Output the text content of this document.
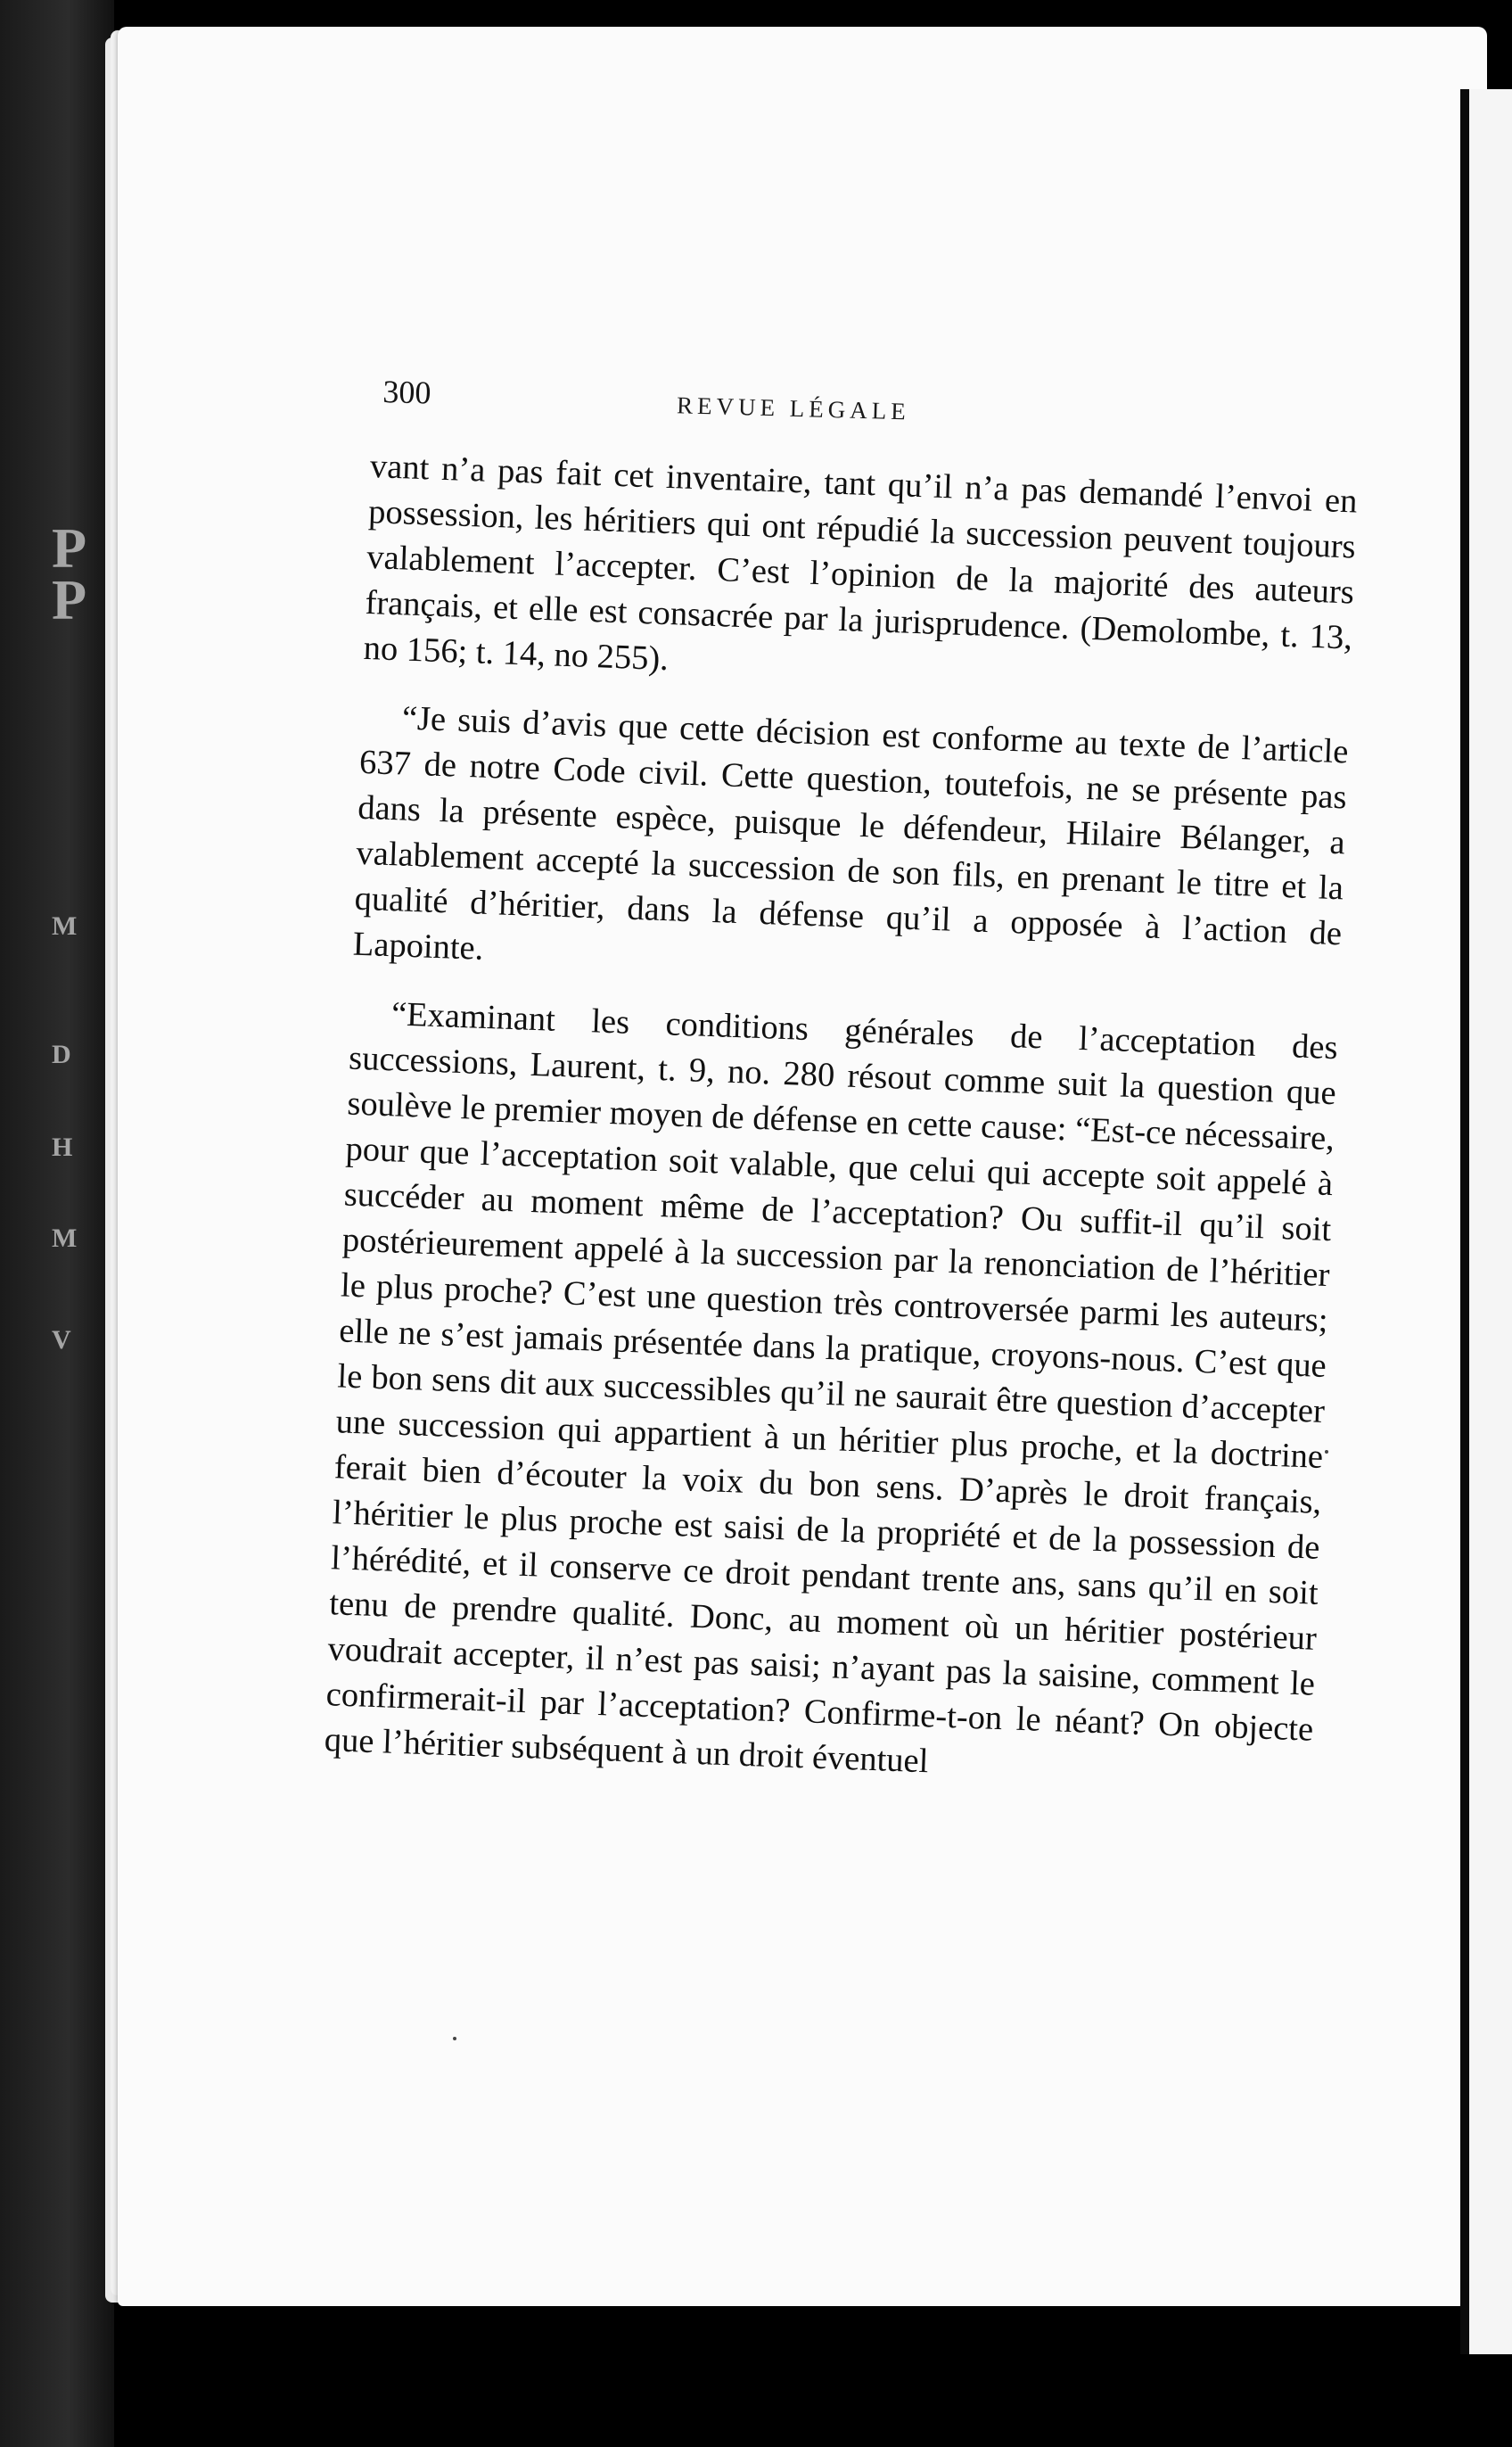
P
P
M
D
H
M
V
300	REVUE LÉGALE

vant n’a pas fait cet inventaire, tant qu’il n’a pas demandé l’envoi en possession, les héritiers qui ont répudié la succession peuvent toujours valablement l’accepter. C’est l’opinion de la majorité des auteurs français, et elle est consacrée par la jurisprudence. (Demolombe, t. 13, no 156; t. 14, no 255).

“Je suis d’avis que cette décision est conforme au texte de l’article 637 de notre Code civil. Cette question, toutefois, ne se présente pas dans la présente espèce, puisque le défendeur, Hilaire Bélanger, a valablement accepté la succession de son fils, en prenant le titre et la qualité d’héritier, dans la défense qu’il a opposée à l’action de Lapointe.

“Examinant les conditions générales de l’acceptation des successions, Laurent, t. 9, no. 280 résout comme suit la question que soulève le premier moyen de défense en cette cause: “Est-ce nécessaire, pour que l’acceptation soit valable, que celui qui accepte soit appelé à succéder au moment même de l’acceptation? Ou suffit-il qu’il soit postérieurement appelé à la succession par la renonciation de l’héritier le plus proche? C’est une question très controversée parmi les auteurs; elle ne s’est jamais présentée dans la pratique, croyons-nous. C’est que le bon sens dit aux successibles qu’il ne saurait être question d’accepter une succession qui appartient à un héritier plus proche, et la doctrine ferait bien d’écouter la voix du bon sens. D’après le droit français, l’héritier le plus proche est saisi de la propriété et de la possession de l’hérédité, et il conserve ce droit pendant trente ans, sans qu’il en soit tenu de prendre qualité. Donc, au moment où un héritier postérieur voudrait accepter, il n’est pas saisi; n’ayant pas la saisine, comment le confirmerait-il par l’acceptation? Confirme-t-on le néant? On objecte que l’héritier subséquent à un droit éventuel
